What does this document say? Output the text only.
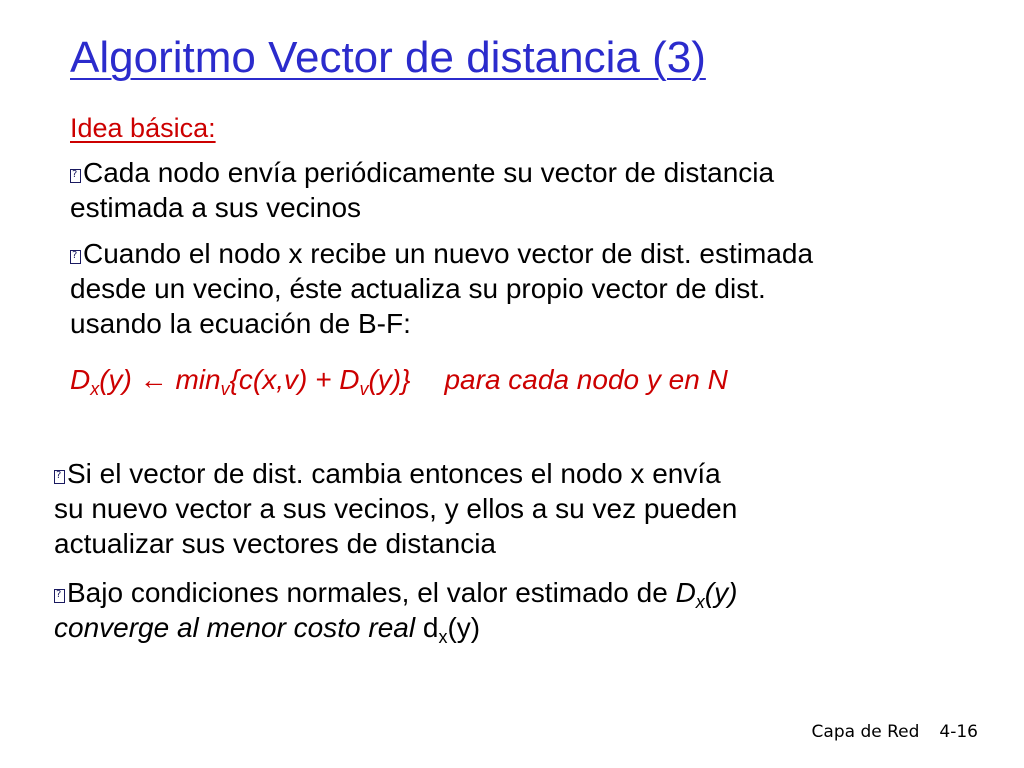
Algoritmo Vector de distancia (3)
Idea básica:
?Cada nodo envía periódicamente su vector de distancia
estimada a sus vecinos
?Cuando el nodo x recibe un nuevo vector de dist. estimada
desde un vecino, éste actualiza su propio vector de dist.
usando la ecuación de B-F:
$D_x(y)$ ← $\min_v\{c(x,v) + D_v(y)\}$ para cada nodo y en N
?Si el vector de dist. cambia entonces el nodo x envía
su nuevo vector a sus vecinos, y ellos a su vez pueden
actualizar sus vectores de distancia
?Bajo condiciones normales, el valor estimado de $D_x(y)$
converge al menor costo real $d_x(y)$
Capa de Red 4-16
